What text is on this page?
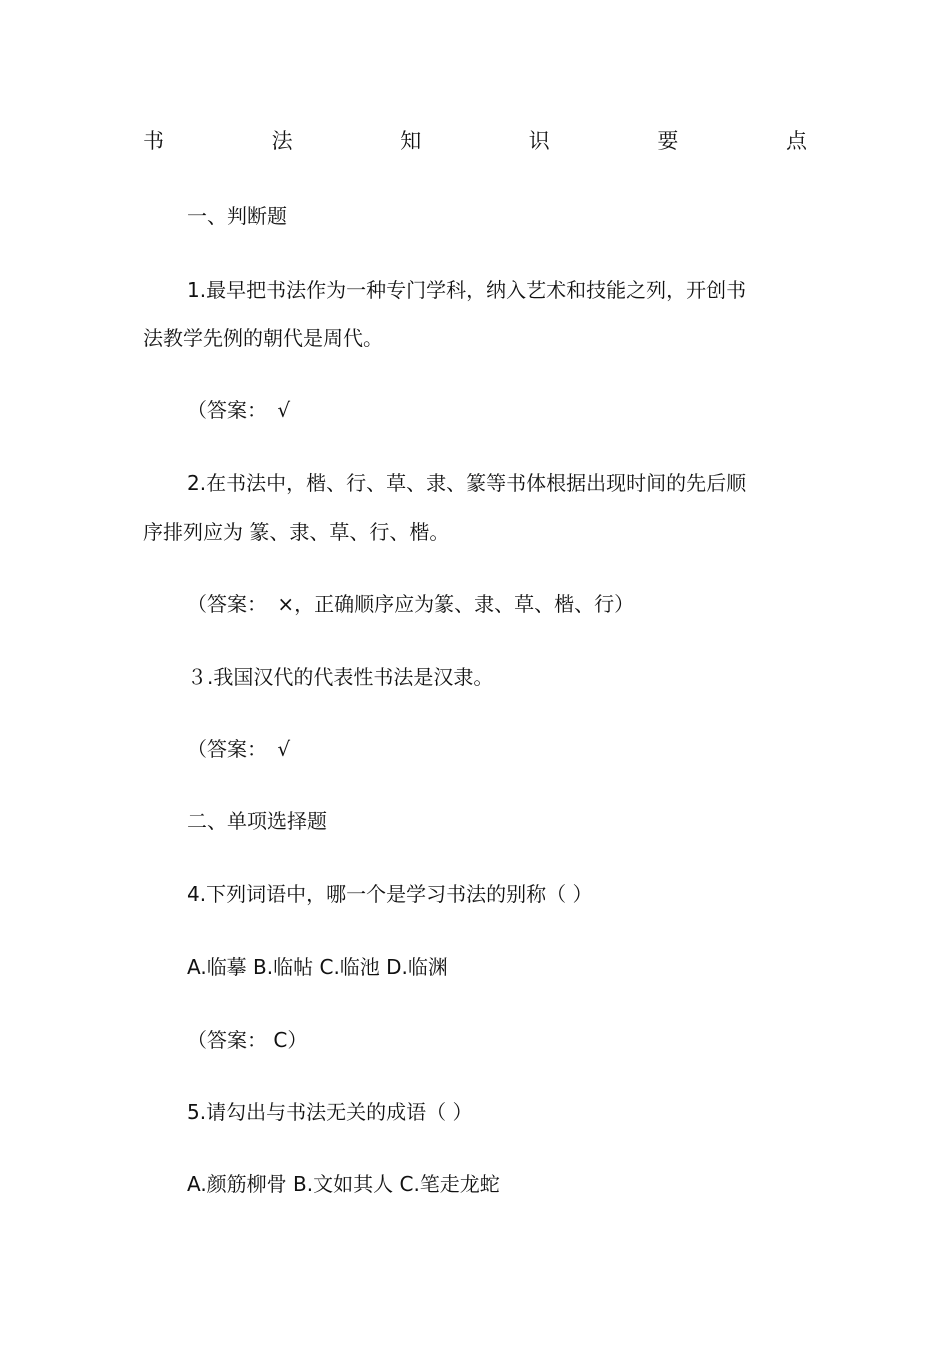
书	法	知	识	要	点
一、判断题
1.最早把书法作为一种专门学科，纳入艺术和技能之列，开创书
法教学先例的朝代是周代。
（答案： √
2.在书法中，楷、行、草、隶、篆等书体根据出现时间的先后顺
序排列应为 篆、隶、草、行、楷。
（答案： ×，正确顺序应为篆、隶、草、楷、行）
３.我国汉代的代表性书法是汉隶。
（答案： √
二、单项选择题
4.下列词语中，哪一个是学习书法的别称（ ）
A.临摹 B.临帖 C.临池 D.临渊
（答案： C）
5.请勾出与书法无关的成语（ ）
A.颜筋柳骨 B.文如其人 C.笔走龙蛇
